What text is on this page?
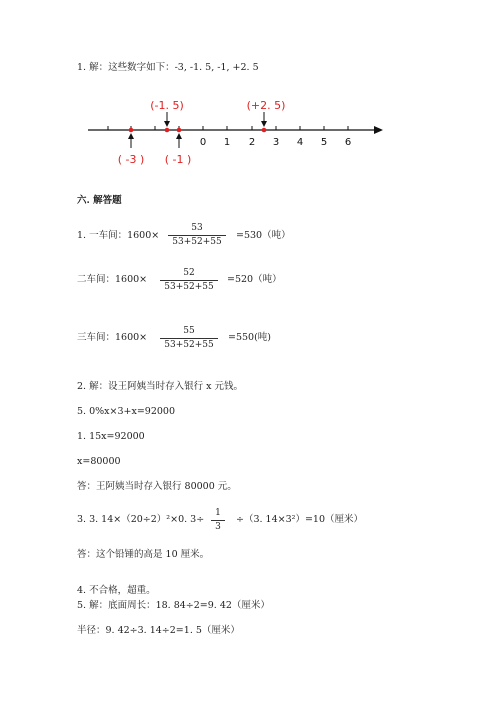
1. 解：这些数字如下：-3, -1. 5, -1, +2. 5
0 1 2 3 4 5 6
(-1. 5)	(+2. 5)
( -3 ) ( -1 )
六. 解答题
1. 一车间：1600×
53
53+52+55
=530（吨）
二车间：1600×
52
53+52+55
=520（吨）
三车间：1600×
55
53+52+55
=550(吨)
2. 解：设王阿姨当时存入银行 x 元钱。
5. 0%x×3+x=92000
1. 15x=92000
x=80000
答：王阿姨当时存入银行 80000 元。
3. 3. 14×（20÷2）²×0. 3÷
1
3
÷（3. 14×3²）=10（厘米）
答：这个铅锤的高是 10 厘米。
4. 不合格，超重。
5. 解：底面周长：18. 84÷2=9. 42（厘米）
半径：9. 42÷3. 14÷2=1. 5（厘米）
